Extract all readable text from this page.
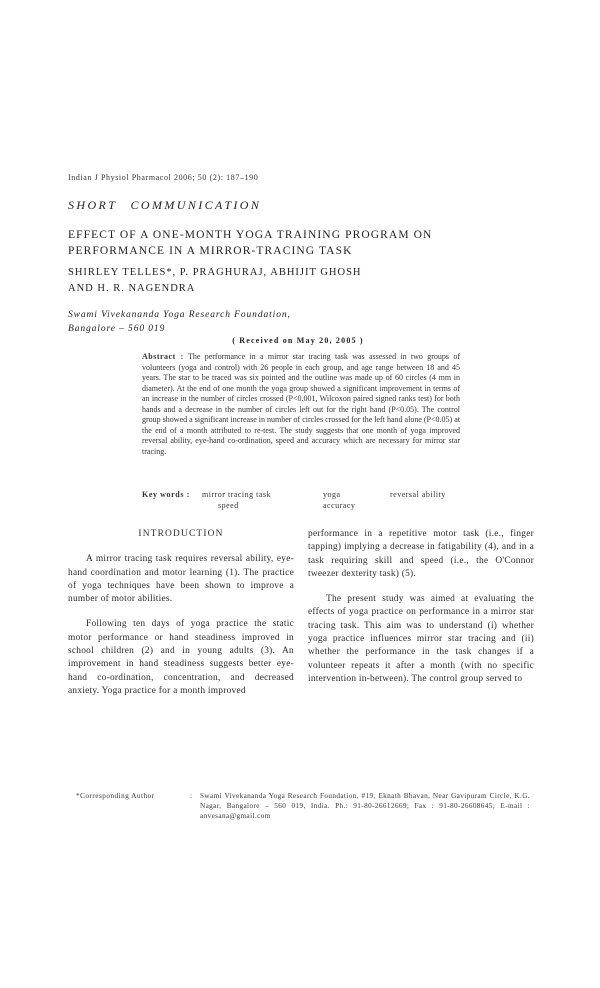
Indian J Physiol Pharmacol 2006; 50 (2): 187–190
SHORT COMMUNICATION
EFFECT OF A ONE-MONTH YOGA TRAINING PROGRAM ON
PERFORMANCE IN A MIRROR-TRACING TASK
SHIRLEY TELLES*, P. PRAGHURAJ, ABHIJIT GHOSH
AND H. R. NAGENDRA
Swami Vivekananda Yoga Research Foundation,
Bangalore – 560 019
( Received on May 20, 2005 )
Abstract : The performance in a mirror star tracing task was assessed in two groups of volunteers (yoga and control) with 26 people in each group, and age range between 18 and 45 years. The star to be traced was six pointed and the outline was made up of 60 circles (4 mm in diameter). At the end of one month the yoga group showed a significant improvement in terms of an increase in the number of circles crossed (P<0.001, Wilcoxon paired signed ranks test) for both hands and a decrease in the number of circles left out for the right hand (P<0.05). The control group showed a significant increase in number of circles crossed for the left hand alone (P<0.05) at the end of a month attributed to re-test. The study suggests that one month of yoga improved reversal ability, eye-hand co-ordination, speed and accuracy which are necessary for mirror star tracing.
Key words : mirror tracing task	yoga	reversal ability
speed	accuracy
INTRODUCTION

A mirror tracing task requires reversal ability, eye-hand coordination and motor learning (1). The practice of yoga techniques have been shown to improve a number of motor abilities.

Following ten days of yoga practice the static motor performance or hand steadiness improved in school children (2) and in young adults (3). An improvement in hand steadiness suggests better eye-hand co-ordination, concentration, and decreased anxiety. Yoga practice for a month improved

performance in a repetitive motor task (i.e., finger tapping) implying a decrease in fatigability (4), and in a task requiring skill and speed (i.e., the O'Connor tweezer dexterity task) (5).

The present study was aimed at evaluating the effects of yoga practice on performance in a mirror star tracing task. This aim was to understand (i) whether yoga practice influences mirror star tracing and (ii) whether the performance in the task changes if a volunteer repeats it after a month (with no specific intervention in-between). The control group served to

*Corresponding Author	: Swami Vivekananda Yoga Research Foundation, #19, Eknath Bhavan, Near Gavipuram Circle, K.G. Nagar, Bangalore – 560 019, India. Ph.: 91-80-26612669; Fax : 91-80-26608645; E-mail : anvesana@gmail.com
